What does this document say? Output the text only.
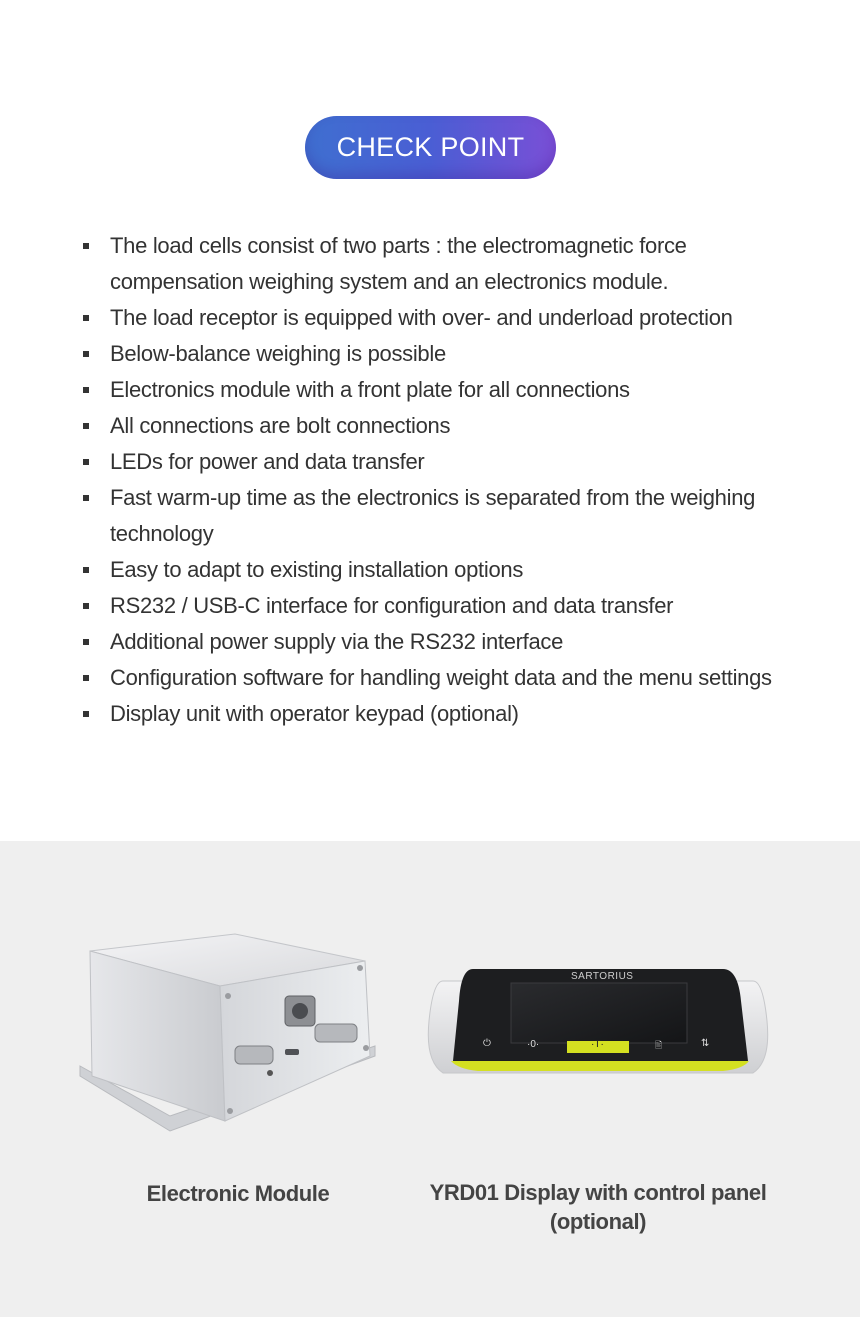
CHECK POINT
The load cells consist of two parts : the electromagnetic force compensation weighing system and an electronics module.
The load receptor is equipped with over- and underload protection
Below-balance weighing is possible
Electronics module with a front plate for all connections
All connections are bolt connections
LEDs for power and data transfer
Fast warm-up time as the electronics is separated from the weighing technology
Easy to adapt to existing installation options
RS232 / USB-C interface for configuration and data transfer
Additional power supply via the RS232 interface
Configuration software for handling weight data and the menu settings
Display unit with operator keypad (optional)
SARTORIUS
⏻	·0·	·T·	🖹	⇅
Electronic Module	YRD01 Display with control panel
(optional)
